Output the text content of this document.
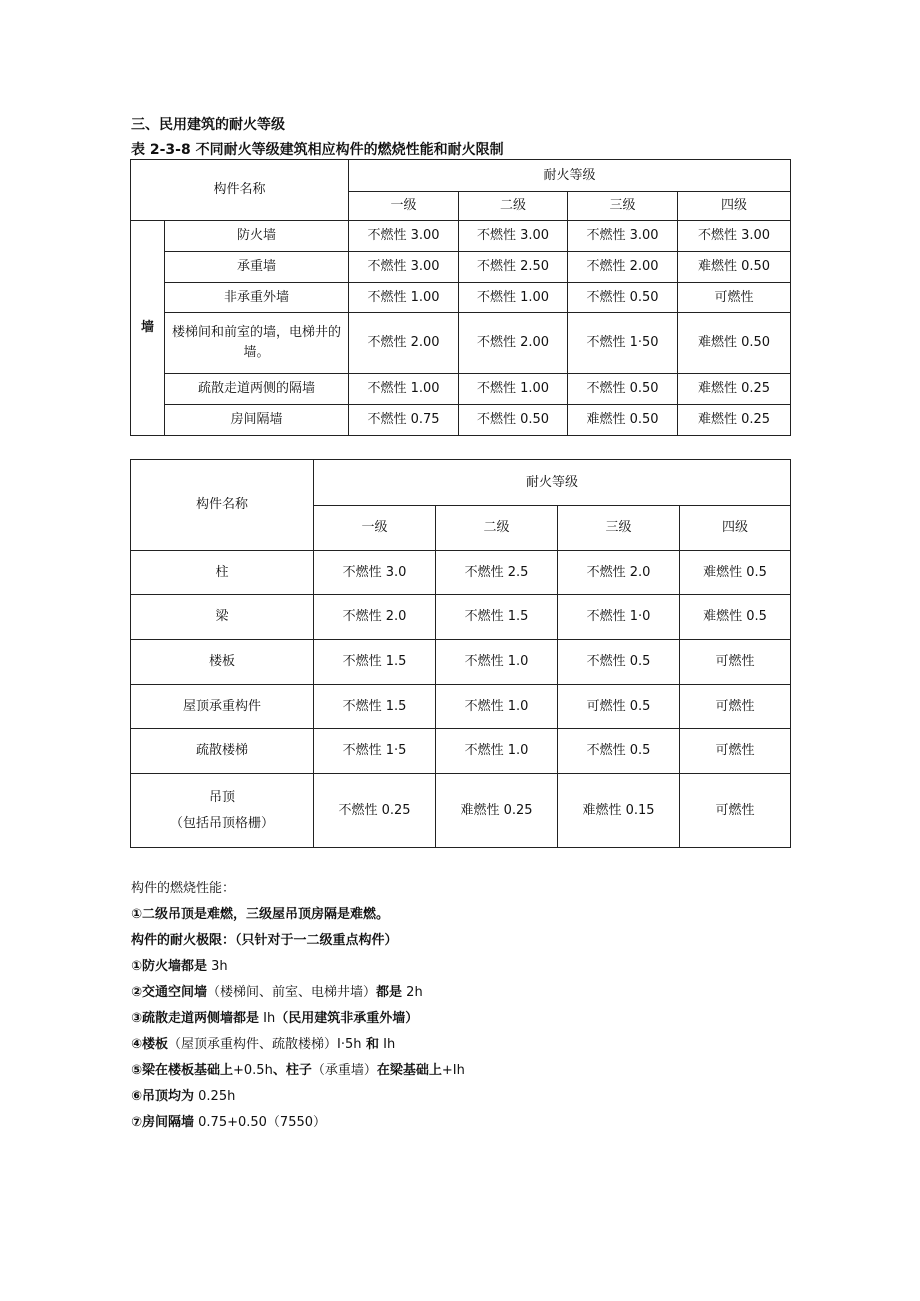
三、民用建筑的耐火等级
表 2-3-8 不同耐火等级建筑相应构件的燃烧性能和耐火限制
构件名称		耐火等级			
		一级	二级	三级	四级
墙	防火墙	不燃性 3.00	不燃性 3.00	不燃性 3.00	不燃性 3.00
	承重墙	不燃性 3.00	不燃性 2.50	不燃性 2.00	难燃性 0.50
	非承重外墙	不燃性 1.00	不燃性 1.00	不燃性 0.50	可燃性
	楼梯间和前室的墙，电梯井的墙。	不燃性 2.00	不燃性 2.00	不燃性 1·50	难燃性 0.50
	疏散走道两侧的隔墙	不燃性 1.00	不燃性 1.00	不燃性 0.50	难燃性 0.25
	房间隔墙	不燃性 0.75	不燃性 0.50	难燃性 0.50	难燃性 0.25
构件名称	耐火等级			
	一级	二级	三级	四级
柱	不燃性 3.0	不燃性 2.5	不燃性 2.0	难燃性 0.5
梁	不燃性 2.0	不燃性 1.5	不燃性 1·0	难燃性 0.5
楼板	不燃性 1.5	不燃性 1.0	不燃性 0.5	可燃性
屋顶承重构件	不燃性 1.5	不燃性 1.0	可燃性 0.5	可燃性
疏散楼梯	不燃性 1·5	不燃性 1.0	不燃性 0.5	可燃性

吊顶
（包括吊顶格栅）	不燃性 0.25	难燃性 0.25	难燃性 0.15	可燃性
构件的燃烧性能：
①二级吊顶是难燃，三级屋吊顶房隔是难燃。
构件的耐火极限：（只针对于一二级重点构件）
①防火墙都是 3h
②交通空间墙（楼梯间、前室、电梯井墙）都是 2h
③疏散走道两侧墙都是 Ih（民用建筑非承重外墙）
④楼板（屋顶承重构件、疏散楼梯）I·5h 和 Ih
⑤梁在楼板基础上+0.5h、柱子（承重墙）在梁基础上+Ih
⑥吊顶均为 0.25h
⑦房间隔墙 0.75+0.50（7550）
